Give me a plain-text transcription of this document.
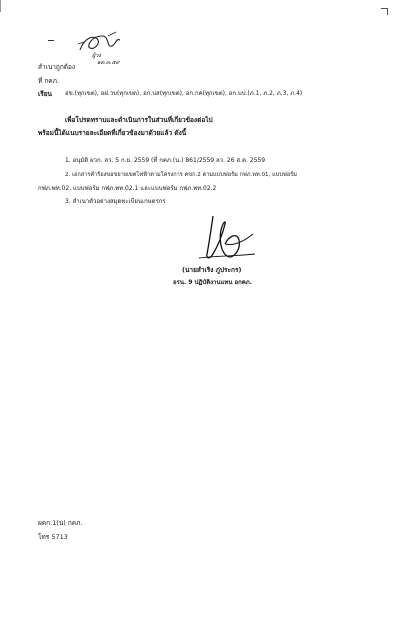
ผู้วง
๑๓.๓.๕๙
สำเนาถูกต้อง
ที่ กคภ.
เรียน อข.(ทุกเขต), อฝ.วบ(ทุกเขต), อก.บส(ทุกเขต), อก.กค(ทุกเขต), อก.บป.(ภ.1, ภ.2, ภ.3, ภ.4)
เพื่อโปรดทราบและดำเนินการในส่วนที่เกี่ยวข้องต่อไป
พร้อมนี้ได้แนบรายละเอียดที่เกี่ยวข้องมาด้วยแล้ว ดังนี้
1. อนุมัติ ผวก. ลว. 5 ก.ย. 2559 (ที่ กคภ.(น.) 861/2559 ลว. 26 ส.ค. 2559
2. เอกสารคำร้องขอขยายเขตไฟฟ้าตามโครงการ คขก.2 ตามแบบฟอร์ม กฟภ.พท.01, แบบฟอร์ม
กฟภ.พท.02, แบบฟอร์ม กฟภ.พท.02.1 และแบบฟอร์ม กฟภ.พท.02.2
3. สำเนาตัวอย่างสมุดทะเบียนเกษตรกร
(นายสำเริง ภู่ประกร)
อรน. 9 ปฏิบัติงานแทน อกคภ.
ผคก.1(น) กคภ.
โทร 5713
